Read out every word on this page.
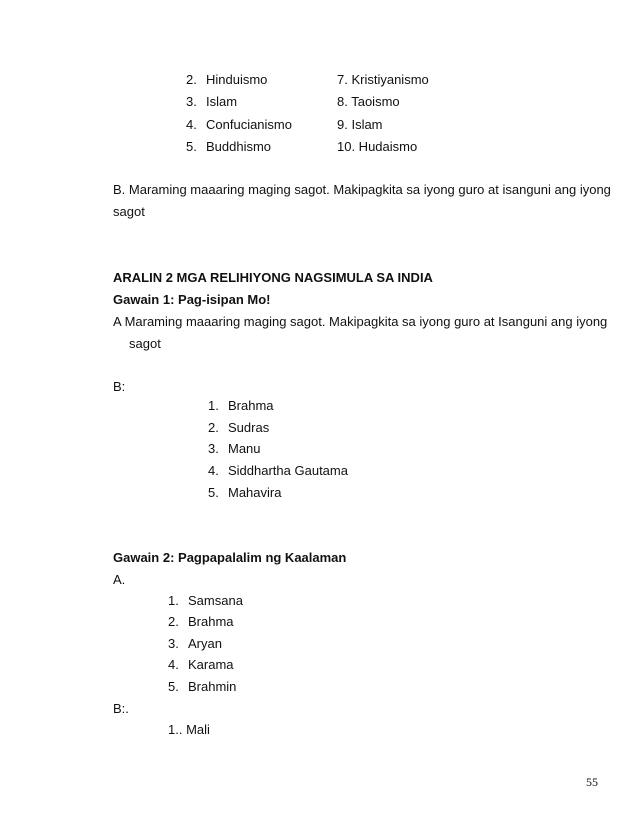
2. Hinduismo
3. Islam
4. Confucianismo
5. Buddhismo
7. Kristiyanismo
8. Taoismo
9. Islam
10. Hudaismo
B. Maraming maaaring maging sagot. Makipagkita sa iyong guro at isanguni ang iyong
sagot
ARALIN 2 MGA RELIHIYONG NAGSIMULA SA INDIA
Gawain 1: Pag-isipan Mo!
A Maraming maaaring maging sagot. Makipagkita sa iyong guro at Isanguni ang iyong
sagot
B:
1. Brahma
2. Sudras
3. Manu
4. Siddhartha Gautama
5. Mahavira
Gawain 2: Pagpapalalim ng Kaalaman
A.
1. Samsana
2. Brahma
3. Aryan
4. Karama
5. Brahmin
B:.
1.. Mali
55
